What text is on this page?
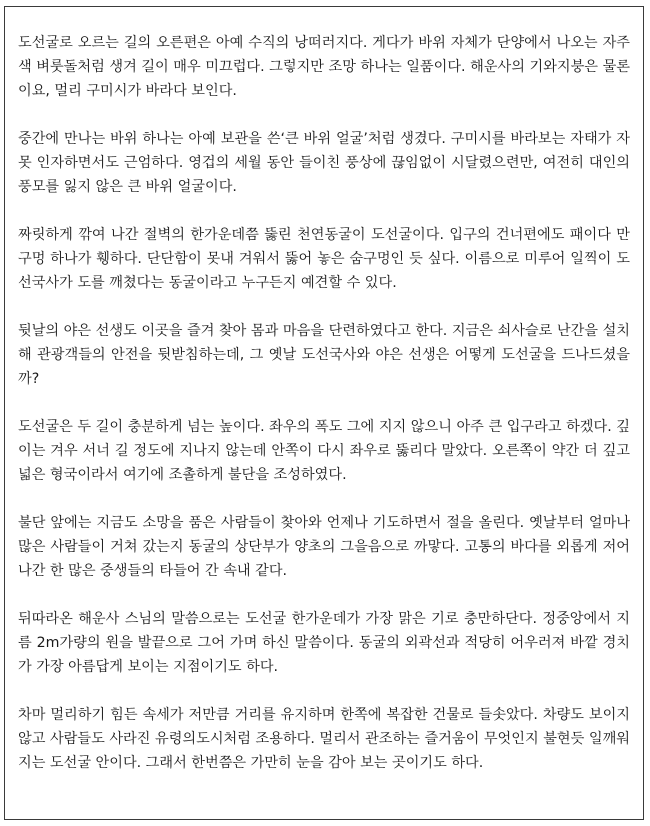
도선굴로 오르는 길의 오른편은 아예 수직의 낭떠러지다. 게다가 바위 자체가 단양에서 나오는 자주색 벼룻돌처럼 생겨 길이 매우 미끄럽다. 그렇지만 조망 하나는 일품이다. 해운사의 기와지붕은 물론이요, 멀리 구미시가 바라다 보인다.

중간에 만나는 바위 하나는 아예 보관을 쓴‘큰 바위 얼굴’처럼 생겼다. 구미시를 바라보는 자태가 자못 인자하면서도 근엄하다. 영겁의 세월 동안 들이친 풍상에 끊임없이 시달렸으련만, 여전히 대인의 풍모를 잃지 않은 큰 바위 얼굴이다.

짜릿하게 깎여 나간 절벽의 한가운데쯤 뚫린 천연동굴이 도선굴이다. 입구의 건너편에도 패이다 만 구멍 하나가 휑하다. 단단함이 못내 겨워서 뚫어 놓은 숨구멍인 듯 싶다. 이름으로 미루어 일찍이 도선국사가 도를 깨쳤다는 동굴이라고 누구든지 예견할 수 있다.

뒷날의 야은 선생도 이곳을 즐겨 찾아 몸과 마음을 단련하였다고 한다. 지금은 쇠사슬로 난간을 설치해 관광객들의 안전을 뒷받침하는데, 그 옛날 도선국사와 야은 선생은 어떻게 도선굴을 드나드셨을까?

도선굴은 두 길이 충분하게 넘는 높이다. 좌우의 폭도 그에 지지 않으니 아주 큰 입구라고 하겠다. 깊이는 겨우 서너 길 정도에 지나지 않는데 안쪽이 다시 좌우로 뚫리다 말았다. 오른쪽이 약간 더 깊고 넓은 형국이라서 여기에 조촐하게 불단을 조성하였다.

불단 앞에는 지금도 소망을 품은 사람들이 찾아와 언제나 기도하면서 절을 올린다. 옛날부터 얼마나 많은 사람들이 거쳐 갔는지 동굴의 상단부가 양초의 그을음으로 까맣다. 고통의 바다를 외롭게 저어 나간 한 많은 중생들의 타들어 간 속내 같다.

뒤따라온 해운사 스님의 말씀으로는 도선굴 한가운데가 가장 맑은 기로 충만하단다. 정중앙에서 지름 2m가량의 원을 발끝으로 그어 가며 하신 말씀이다. 동굴의 외곽선과 적당히 어우러져 바깥 경치가 가장 아름답게 보이는 지점이기도 하다.

차마 멀리하기 힘든 속세가 저만큼 거리를 유지하며 한쪽에 복잡한 건물로 들솟았다. 차량도 보이지 않고 사람들도 사라진 유령의도시처럼 조용하다. 멀리서 관조하는 즐거움이 무엇인지 불현듯 일깨워지는 도선굴 안이다. 그래서 한번쯤은 가만히 눈을 감아 보는 곳이기도 하다.
